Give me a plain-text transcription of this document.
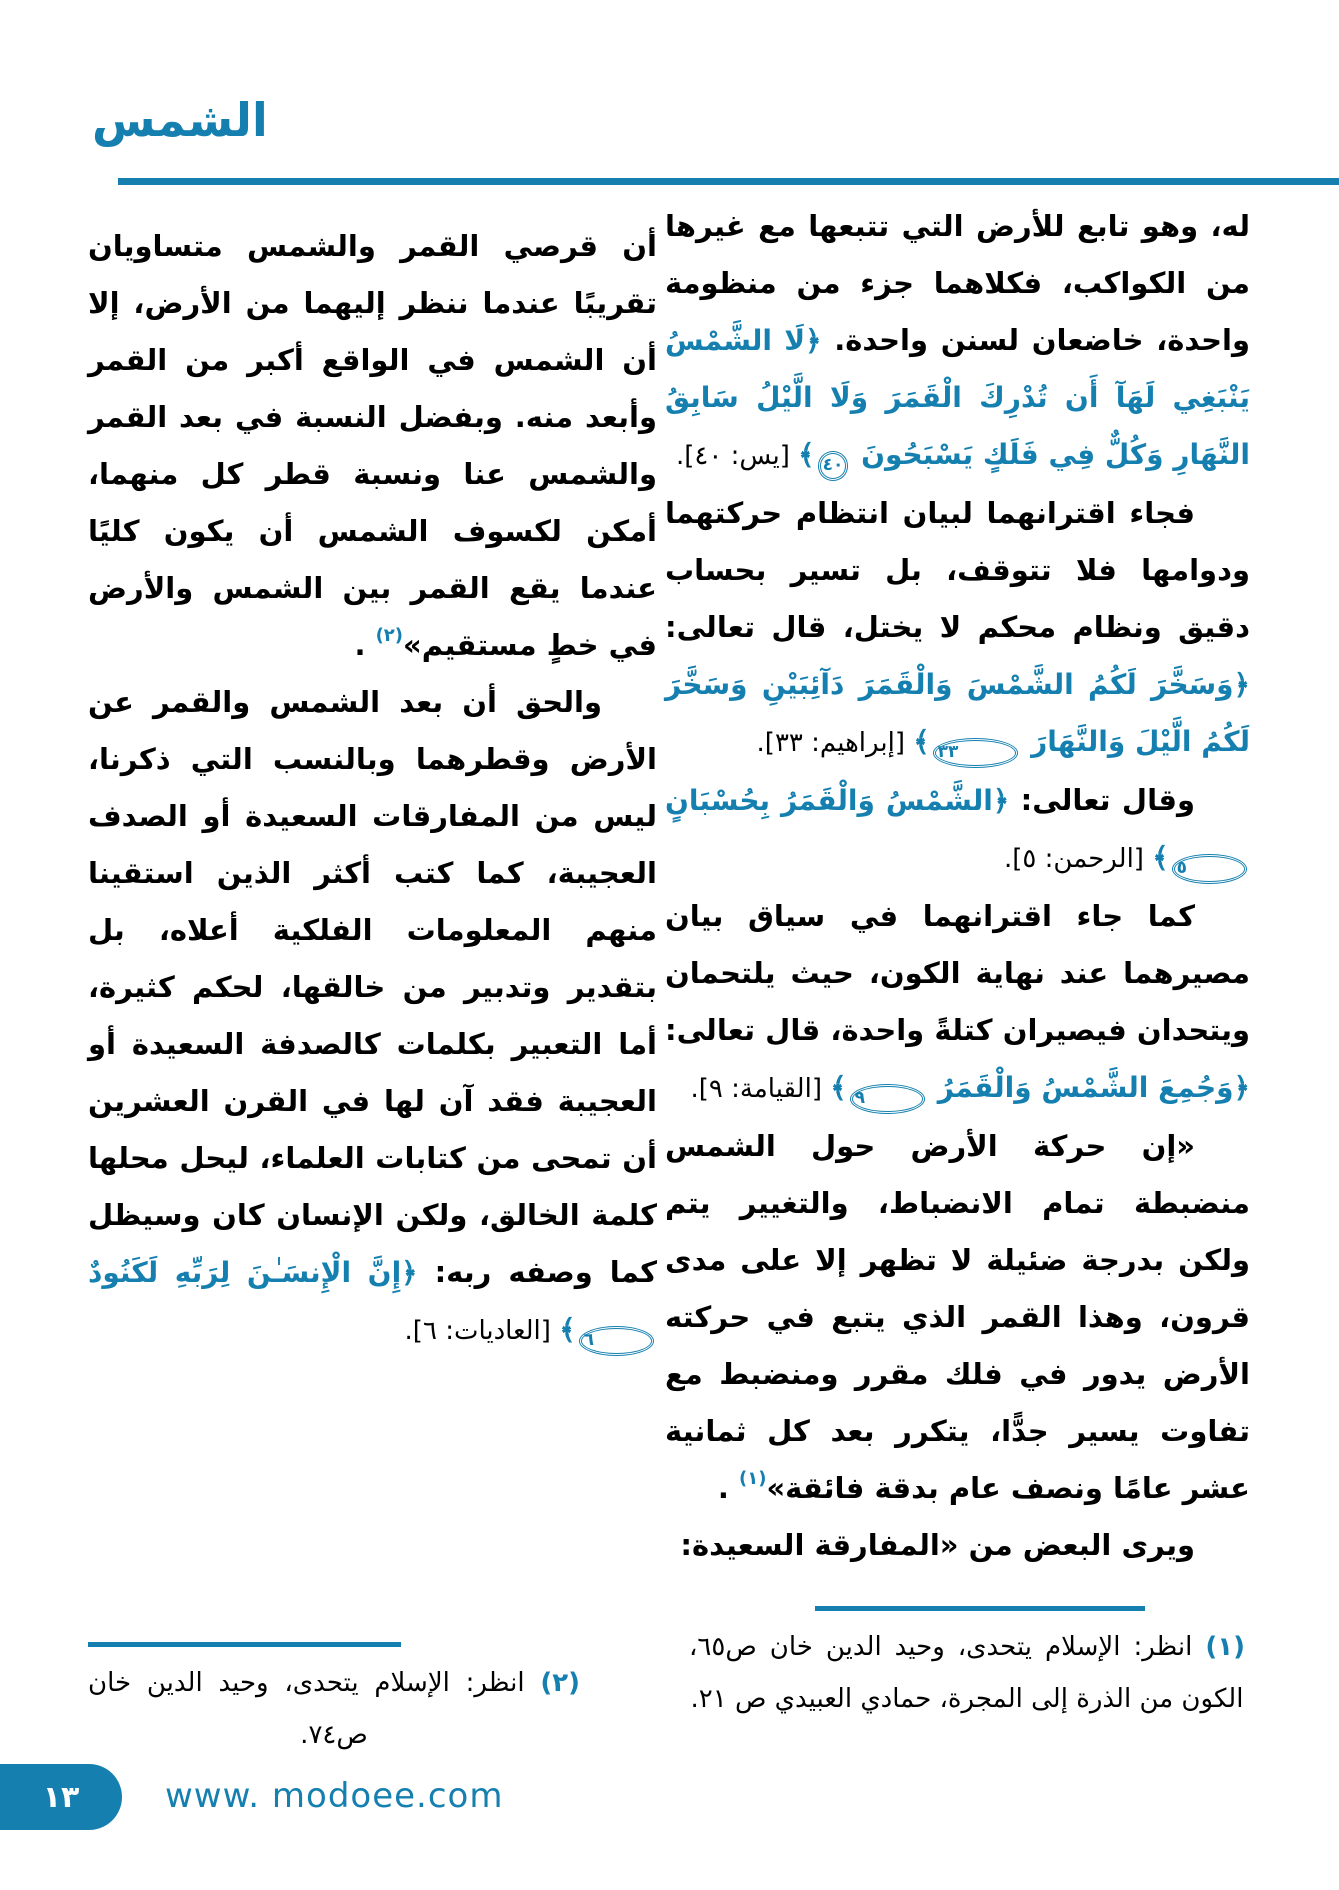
الشمس

له، وهو تابع للأرض التي تتبعها مع غيرها من الكواكب، فكلاهما جزء من منظومة واحدة، خاضعان لسنن واحدة. ﴿لَا الشَّمْسُ يَنْبَغِي لَهَآ أَن تُدْرِكَ الْقَمَرَ وَلَا الَّيْلُ سَابِقُ النَّهَارِ وَكُلٌّ فِي فَلَكٍ يَسْبَحُونَ ٤٠﴾ [يس: ٤٠].

فجاء اقترانهما لبيان انتظام حركتهما ودوامها فلا تتوقف، بل تسير بحساب دقيق ونظام محكم لا يختل، قال تعالى: ﴿وَسَخَّرَ لَكُمُ الشَّمْسَ وَالْقَمَرَ دَآئِبَيْنِ وَسَخَّرَ لَكُمُ الَّيْلَ وَالنَّهَارَ ٣٣﴾ [إبراهيم: ٣٣].

وقال تعالى: ﴿الشَّمْسُ وَالْقَمَرُ بِحُسْبَانٍ ٥﴾ [الرحمن: ٥].

كما جاء اقترانهما في سياق بيان مصيرهما عند نهاية الكون، حيث يلتحمان ويتحدان فيصيران كتلةً واحدة، قال تعالى: ﴿وَجُمِعَ الشَّمْسُ وَالْقَمَرُ ٩﴾ [القيامة: ٩].

«إن حركة الأرض حول الشمس منضبطة تمام الانضباط، والتغيير يتم ولكن بدرجة ضئيلة لا تظهر إلا على مدى قرون، وهذا القمر الذي يتبع في حركته الأرض يدور في فلك مقرر ومنضبط مع تفاوت يسير جدًّا، يتكرر بعد كل ثمانية عشر عامًا ونصف عام بدقة فائقة»$^{(١)}$ .

ويرى البعض من «المفارقة السعيدة:

أن قرصي القمر والشمس متساويان تقريبًا عندما ننظر إليهما من الأرض، إلا أن الشمس في الواقع أكبر من القمر وأبعد منه. وبفضل النسبة في بعد القمر والشمس عنا ونسبة قطر كل منهما، أمكن لكسوف الشمس أن يكون كليًا عندما يقع القمر بين الشمس والأرض في خطٍ مستقيم»$^{(٢)}$ .

والحق أن بعد الشمس والقمر عن الأرض وقطرهما وبالنسب التي ذكرنا، ليس من المفارقات السعيدة أو الصدف العجيبة، كما كتب أكثر الذين استقينا منهم المعلومات الفلكية أعلاه، بل بتقدير وتدبير من خالقها، لحكم كثيرة، أما التعبير بكلمات كالصدفة السعيدة أو العجيبة فقد آن لها في القرن العشرين أن تمحى من كتابات العلماء، ليحل محلها كلمة الخالق، ولكن الإنسان كان وسيظل كما وصفه ربه: ﴿إِنَّ الْإِنسَـٰنَ لِرَبِّهِ لَكَنُودٌ ٦﴾ [العاديات: ٦].

(١) انظر: الإسلام يتحدى، وحيد الدين خان ص٦٥، الكون من الذرة إلى المجرة، حمادي العبيدي ص ٢١.

(٢) انظر: الإسلام يتحدى، وحيد الدين خان ص٧٤.

١٣	www. modoee.com
